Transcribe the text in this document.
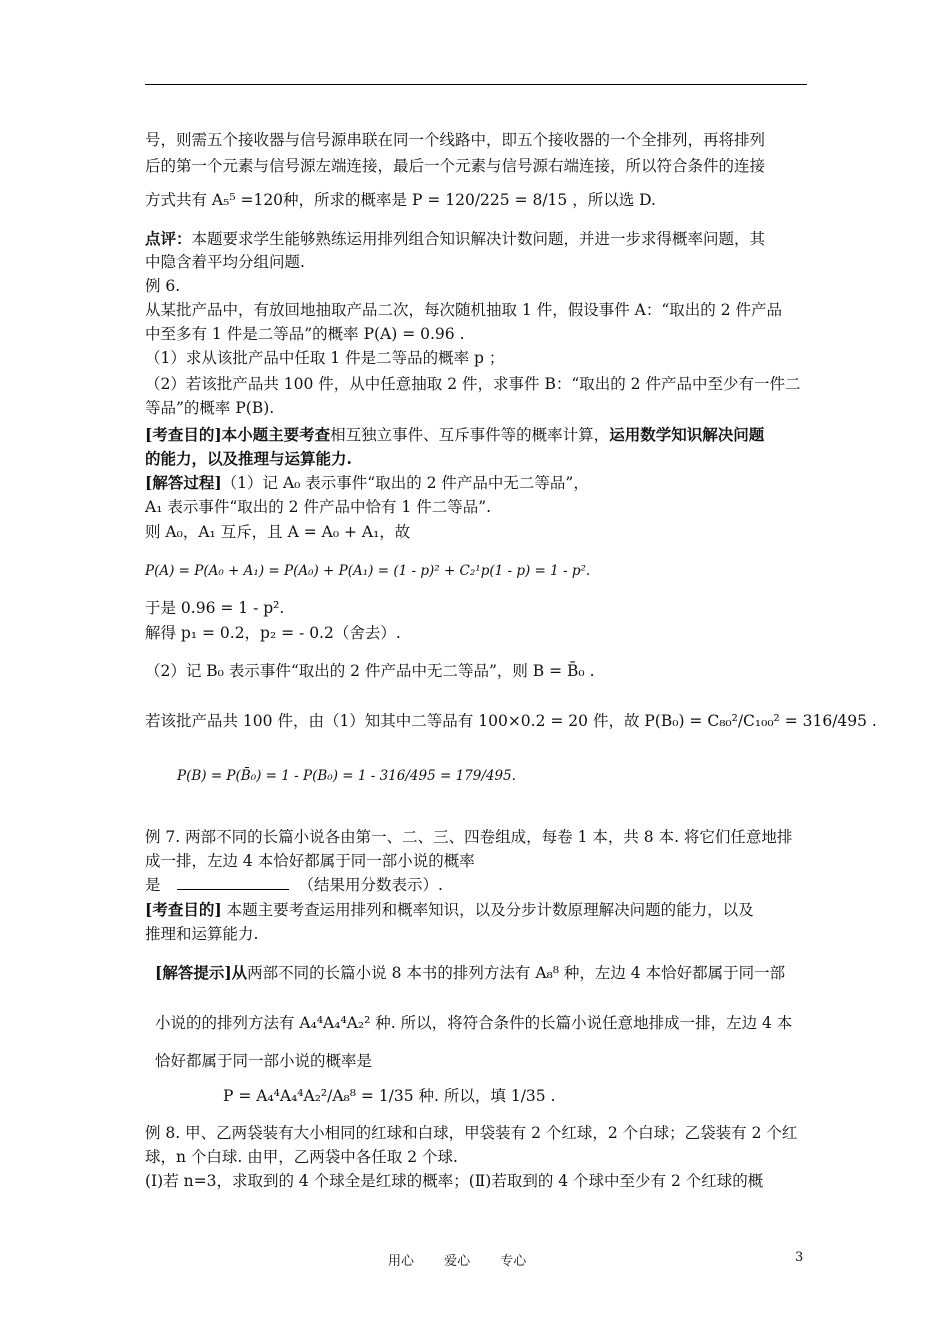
号，则需五个接收器与信号源串联在同一个线路中，即五个接收器的一个全排列，再将排列
后的第一个元素与信号源左端连接，最后一个元素与信号源右端连接，所以符合条件的连接
方式共有 A₅⁵ =120种，所求的概率是 P = 120/225 = 8/15 ，所以选 D.
点评：本题要求学生能够熟练运用排列组合知识解决计数问题，并进一步求得概率问题，其
中隐含着平均分组问题.
例 6.
从某批产品中，有放回地抽取产品二次，每次随机抽取 1 件，假设事件 A：“取出的 2 件产品
中至多有 1 件是二等品”的概率 P(A) = 0.96 .
（1）求从该批产品中任取 1 件是二等品的概率 p ；
（2）若该批产品共 100 件，从中任意抽取 2 件，求事件 B：“取出的 2 件产品中至少有一件二
等品”的概率 P(B).
[考查目的]本小题主要考查相互独立事件、互斥事件等的概率计算，运用数学知识解决问题
的能力，以及推理与运算能力.
[解答过程]（1）记 A₀ 表示事件“取出的 2 件产品中无二等品”，
A₁ 表示事件“取出的 2 件产品中恰有 1 件二等品”.
则 A₀，A₁ 互斥，且 A = A₀ + A₁，故
P(A) = P(A₀ + A₁) = P(A₀) + P(A₁) = (1 - p)² + C₂¹p(1 - p) = 1 - p².
于是 0.96 = 1 - p².
解得 p₁ = 0.2，p₂ = - 0.2（舍去）.
（2）记 B₀ 表示事件“取出的 2 件产品中无二等品”，则 B = B̄₀ .
若该批产品共 100 件，由（1）知其中二等品有 100×0.2 = 20 件，故 P(B₀) = C₈₀²/C₁₀₀² = 316/495 .
P(B) = P(B̄₀) = 1 - P(B₀) = 1 - 316/495 = 179/495.
例 7. 两部不同的长篇小说各由第一、二、三、四卷组成，每卷 1 本，共 8 本. 将它们任意地排
成一排，左边 4 本恰好都属于同一部小说的概率
是	（结果用分数表示）.
[考查目的] 本题主要考查运用排列和概率知识，以及分步计数原理解决问题的能力，以及
推理和运算能力.
[解答提示]从两部不同的长篇小说 8 本书的排列方法有 A₈⁸ 种，左边 4 本恰好都属于同一部
小说的的排列方法有 A₄⁴A₄⁴A₂² 种. 所以，将符合条件的长篇小说任意地排成一排，左边 4 本
恰好都属于同一部小说的概率是
P = A₄⁴A₄⁴A₂²/A₈⁸ = 1/35 种. 所以，填 1/35 .
例 8. 甲、乙两袋装有大小相同的红球和白球，甲袋装有 2 个红球，2 个白球；乙袋装有 2 个红
球，n 个白球. 由甲，乙两袋中各任取 2 个球.
(Ⅰ)若 n=3，求取到的 4 个球全是红球的概率；(Ⅱ)若取到的 4 个球中至少有 2 个红球的概
用心 爱心 专心	3
